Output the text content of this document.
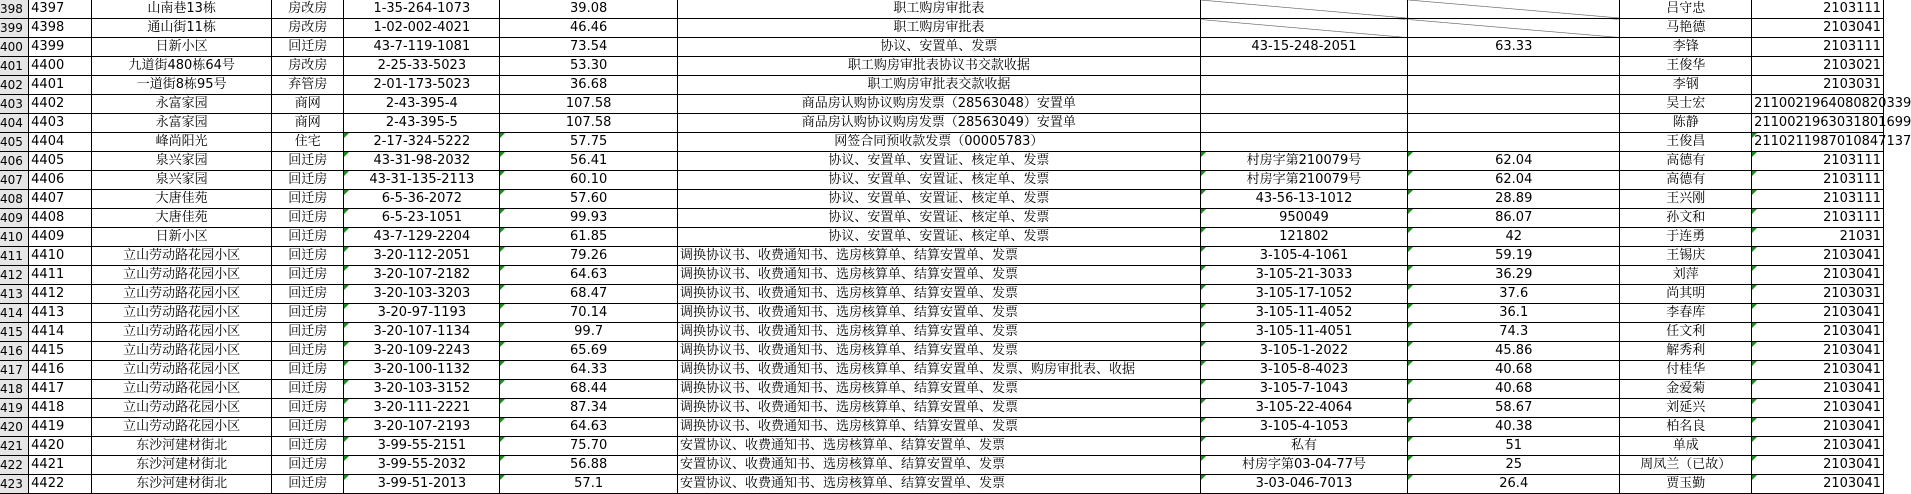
398	4397	山南巷13栋	房改房	1-35-264-1073	39.08	职工购房审批表			吕守忠	2103111
399	4398	通山街11栋	房改房	1-02-002-4021	46.46	职工购房审批表			马艳德	2103041
400	4399	日新小区	回迁房	43-7-119-1081	73.54	协议、安置单、发票	43-15-248-2051	63.33	李锋	2103111
401	4400	九道街480栋64号	房改房	2-25-33-5023	53.30	职工购房审批表协议书交款收据			王俊华	2103021
402	4401	一道街8栋95号	弃管房	2-01-173-5023	36.68	职工购房审批表交款收据			李钢	2103031
403	4402	永富家园	商网	2-43-395-4	107.58	商品房认购协议购房发票（28563048）安置单			吴士宏	2110021964080820339
404	4403	永富家园	商网	2-43-395-5	107.58	商品房认购协议购房发票（28563049）安置单			陈静	2110021963031801699
405	4404	峰尚阳光	住宅	2-17-324-5222	57.75	网签合同预收款发票（00005783）			王俊昌	2110211987010847137
406	4405	泉兴家园	回迁房	43-31-98-2032	56.41	协议、安置单、安置证、核定单、发票	村房字第210079号	62.04	高德有	2103111
407	4406	泉兴家园	回迁房	43-31-135-2113	60.10	协议、安置单、安置证、核定单、发票	村房字第210079号	62.04	高德有	2103111
408	4407	大唐佳苑	回迁房	6-5-36-2072	57.60	协议、安置单、安置证、核定单、发票	43-56-13-1012	28.89	王兴刚	2103111
409	4408	大唐佳苑	回迁房	6-5-23-1051	99.93	协议、安置单、安置证、核定单、发票	950049	86.07	孙文和	2103111
410	4409	日新小区	回迁房	43-7-129-2204	61.85	协议、安置单、安置证、核定单、发票	121802	42	于连勇	21031
411	4410	立山劳动路花园小区	回迁房	3-20-112-2051	79.26	调换协议书、收费通知书、选房核算单、结算安置单、发票	3-105-4-1061	59.19	王锡庆	2103041
412	4411	立山劳动路花园小区	回迁房	3-20-107-2182	64.63	调换协议书、收费通知书、选房核算单、结算安置单、发票	3-105-21-3033	36.29	刘萍	2103041
413	4412	立山劳动路花园小区	回迁房	3-20-103-3203	68.47	调换协议书、收费通知书、选房核算单、结算安置单、发票	3-105-17-1052	37.6	尚其明	2103031
414	4413	立山劳动路花园小区	回迁房	3-20-97-1193	70.14	调换协议书、收费通知书、选房核算单、结算安置单、发票	3-105-11-4052	36.1	李春库	2103041
415	4414	立山劳动路花园小区	回迁房	3-20-107-1134	99.7	调换协议书、收费通知书、选房核算单、结算安置单、发票	3-105-11-4051	74.3	任文利	2103041
416	4415	立山劳动路花园小区	回迁房	3-20-109-2243	65.69	调换协议书、收费通知书、选房核算单、结算安置单、发票	3-105-1-2022	45.86	解秀利	2103041
417	4416	立山劳动路花园小区	回迁房	3-20-100-1132	64.33	调换协议书、收费通知书、选房核算单、结算安置单、发票、购房审批表、收据	3-105-8-4023	40.68	付桂华	2103041
418	4417	立山劳动路花园小区	回迁房	3-20-103-3152	68.44	调换协议书、收费通知书、选房核算单、结算安置单、发票	3-105-7-1043	40.68	金爱菊	2103041
419	4418	立山劳动路花园小区	回迁房	3-20-111-2221	87.34	调换协议书、收费通知书、选房核算单、结算安置单、发票	3-105-22-4064	58.67	刘延兴	2103041
420	4419	立山劳动路花园小区	回迁房	3-20-107-2193	64.63	调换协议书、收费通知书、选房核算单、结算安置单、发票	3-105-4-1053	40.38	柏名良	2103041
421	4420	东沙河建材街北	回迁房	3-99-55-2151	75.70	安置协议、收费通知书、选房核算单、结算安置单、发票	私有	51	单成	2103041
422	4421	东沙河建材街北	回迁房	3-99-55-2032	56.88	安置协议、收费通知书、选房核算单、结算安置单、发票	村房字第03-04-77号	25	周凤兰（已故）	2103041
423	4422	东沙河建材街北	回迁房	3-99-51-2013	57.1	安置协议、收费通知书、选房核算单、结算安置单、发票	3-03-046-7013	26.4	贾玉勤	2103041
